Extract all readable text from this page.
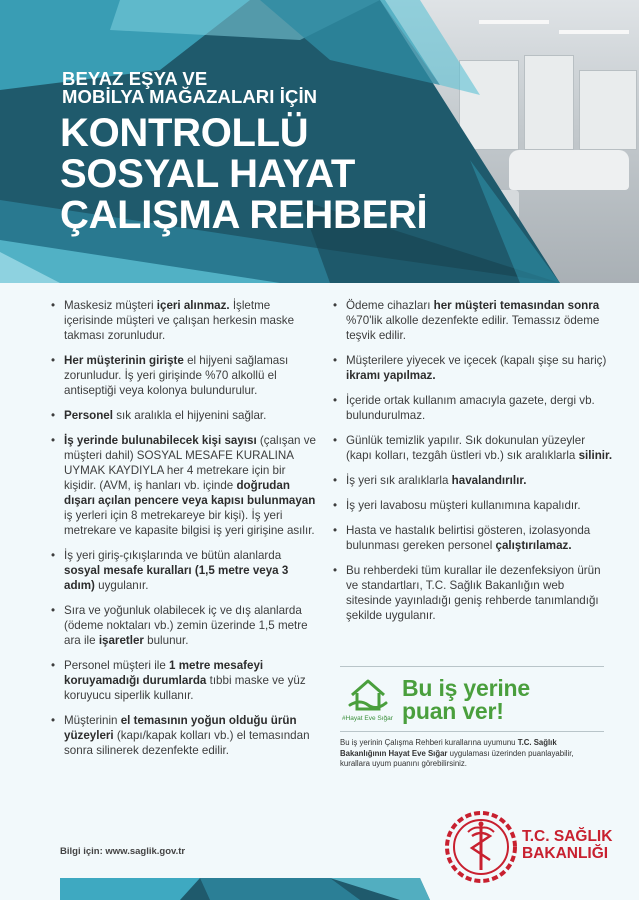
BEYAZ EŞYA VE
MOBİLYA MAĞAZALARI İÇİN
KONTROLLÜ
SOSYAL HAYAT
ÇALIŞMA REHBERİ
• Maskesiz müşteri içeri alınmaz. İşletme içerisinde müşteri ve çalışan herkesin maske takması zorunludur.
• Her müşterinin girişte el hijyeni sağlaması zorunludur. İş yeri girişinde %70 alkollü el antiseptiği veya kolonya bulundurulur.
• Personel sık aralıkla el hijyenini sağlar.
• İş yerinde bulunabilecek kişi sayısı (çalışan ve müşteri dahil) SOSYAL MESAFE KURALINA UYMAK KAYDIYLA her 4 metrekare için bir kişidir. (AVM, iş hanları vb. içinde doğrudan dışarı açılan pencere veya kapısı bulunmayan iş yerleri için 8 metrekareye bir kişi). İş yeri metrekare ve kapasite bilgisi iş yeri girişine asılır.
• İş yeri giriş-çıkışlarında ve bütün alanlarda sosyal mesafe kuralları (1,5 metre veya 3 adım) uygulanır.
• Sıra ve yoğunluk olabilecek iç ve dış alanlarda (ödeme noktaları vb.) zemin üzerinde 1,5 metre ara ile işaretler bulunur.
• Personel müşteri ile 1 metre mesafeyi koruyamadığı durumlarda tıbbi maske ve yüz koruyucu siperlik kullanır.
• Müşterinin el temasının yoğun olduğu ürün yüzeyleri (kapı/kapak kolları vb.) el temasından sonra silinerek dezenfekte edilir.
• Ödeme cihazları her müşteri temasından sonra %70'lik alkolle dezenfekte edilir. Temassız ödeme teşvik edilir.
• Müşterilere yiyecek ve içecek (kapalı şişe su hariç) ikramı yapılmaz.
• İçeride ortak kullanım amacıyla gazete, dergi vb. bulundurulmaz.
• Günlük temizlik yapılır. Sık dokunulan yüzeyler (kapı kolları, tezgâh üstleri vb.) sık aralıklarla silinir.
• İş yeri sık aralıklarla havalandırılır.
• İş yeri lavabosu müşteri kullanımına kapalıdır.
• Hasta ve hastalık belirtisi gösteren, izolasyonda bulunması gereken personel çalıştırılamaz.
• Bu rehberdeki tüm kurallar ile dezenfeksiyon ürün ve standartları, T.C. Sağlık Bakanlığın web sitesinde yayınladığı geniş rehberde tanımlandığı şekilde uygulanır.
#Hayat Eve Sığar
Bu iş yerine
puan ver!
Bu iş yerinin Çalışma Rehberi kurallarına uyumunu T.C. Sağlık Bakanlığının Hayat Eve Sığar uygulaması üzerinden puanlayabilir, kurallara uyum puanını görebilirsiniz.
Bilgi için: www.saglik.gov.tr
T.C. SAĞLIK
BAKANLIĞI
